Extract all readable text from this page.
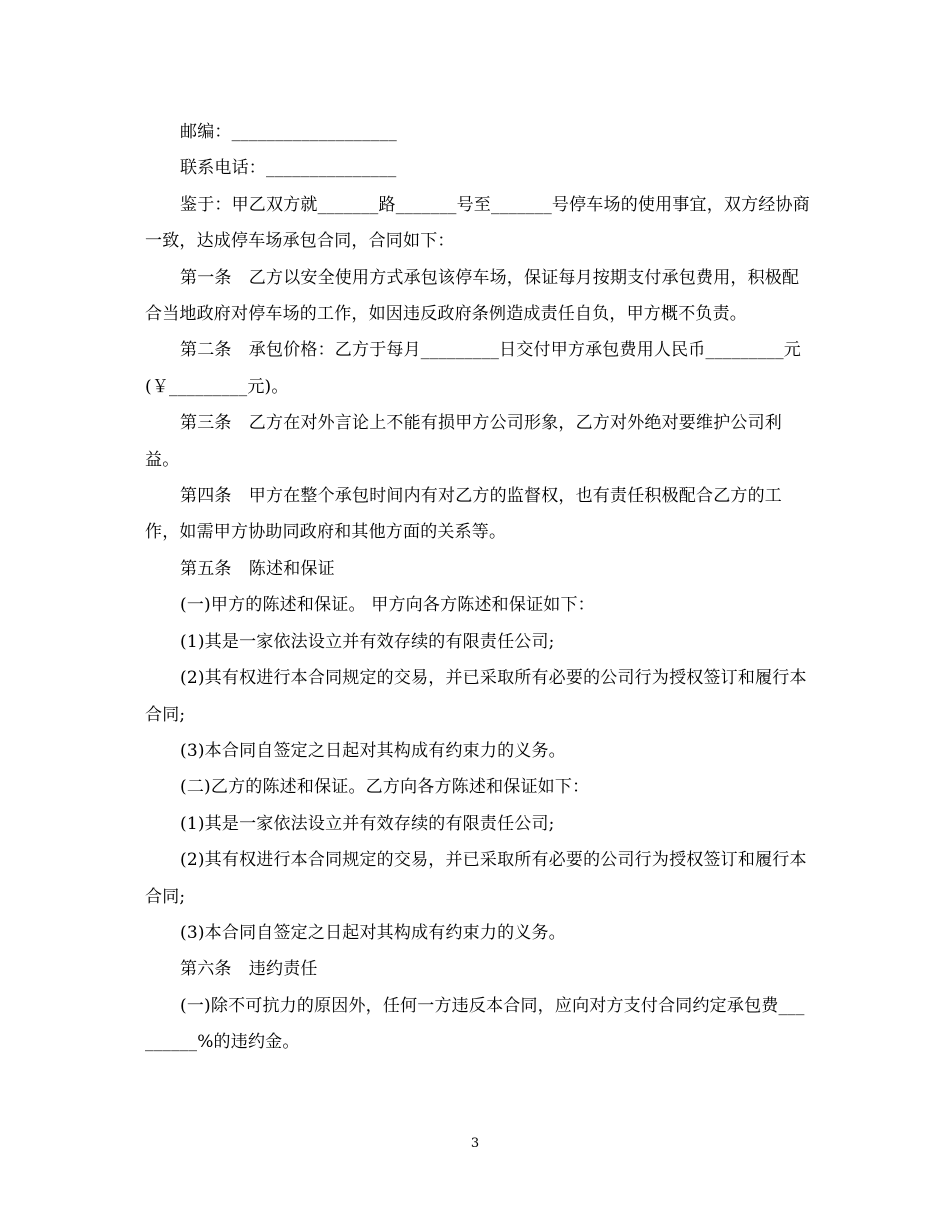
邮编：___________________

联系电话：_______________

鉴于：甲乙双方就_______路_______号至_______号停车场的使用事宜，双方经协商一致，达成停车场承包合同，合同如下：

第一条　乙方以安全使用方式承包该停车场，保证每月按期支付承包费用，积极配合当地政府对停车场的工作，如因违反政府条例造成责任自负，甲方概不负责。

第二条　承包价格：乙方于每月_________日交付甲方承包费用人民币_________元(￥_________元)。

第三条　乙方在对外言论上不能有损甲方公司形象，乙方对外绝对要维护公司利益。

第四条　甲方在整个承包时间内有对乙方的监督权，也有责任积极配合乙方的工作，如需甲方协助同政府和其他方面的关系等。

第五条　陈述和保证

(一)甲方的陈述和保证。 甲方向各方陈述和保证如下：

(1)其是一家依法设立并有效存续的有限责任公司;

(2)其有权进行本合同规定的交易，并已采取所有必要的公司行为授权签订和履行本合同;

(3)本合同自签定之日起对其构成有约束力的义务。

(二)乙方的陈述和保证。乙方向各方陈述和保证如下：

(1)其是一家依法设立并有效存续的有限责任公司;

(2)其有权进行本合同规定的交易，并已采取所有必要的公司行为授权签订和履行本合同;

(3)本合同自签定之日起对其构成有约束力的义务。

第六条　违约责任

(一)除不可抗力的原因外，任何一方违反本合同，应向对方支付合同约定承包费_________%的违约金。

3
